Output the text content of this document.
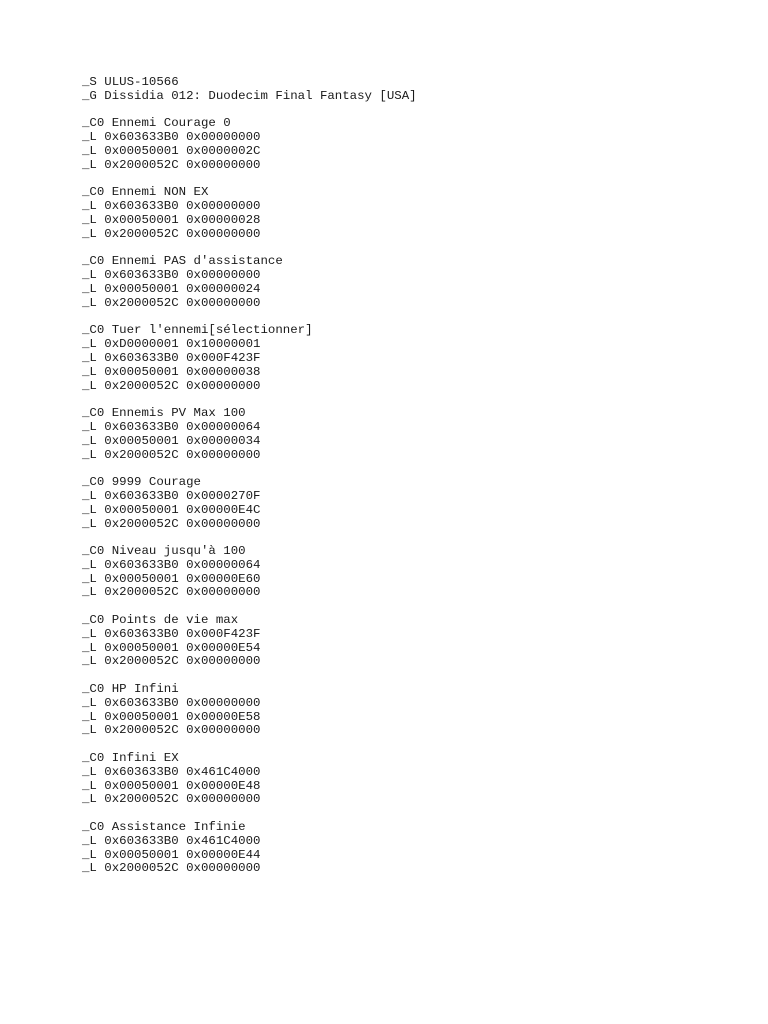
_S ULUS-10566
_G Dissidia 012: Duodecim Final Fantasy [USA]
_C0 Ennemi Courage 0
_L 0x603633B0 0x00000000
_L 0x00050001 0x0000002C
_L 0x2000052C 0x00000000
_C0 Ennemi NON EX
_L 0x603633B0 0x00000000
_L 0x00050001 0x00000028
_L 0x2000052C 0x00000000
_C0 Ennemi PAS d'assistance
_L 0x603633B0 0x00000000
_L 0x00050001 0x00000024
_L 0x2000052C 0x00000000
_C0 Tuer l'ennemi[sélectionner]
_L 0xD0000001 0x10000001
_L 0x603633B0 0x000F423F
_L 0x00050001 0x00000038
_L 0x2000052C 0x00000000
_C0 Ennemis PV Max 100
_L 0x603633B0 0x00000064
_L 0x00050001 0x00000034
_L 0x2000052C 0x00000000
_C0 9999 Courage
_L 0x603633B0 0x0000270F
_L 0x00050001 0x00000E4C
_L 0x2000052C 0x00000000
_C0 Niveau jusqu'à 100
_L 0x603633B0 0x00000064
_L 0x00050001 0x00000E60
_L 0x2000052C 0x00000000
_C0 Points de vie max
_L 0x603633B0 0x000F423F
_L 0x00050001 0x00000E54
_L 0x2000052C 0x00000000
_C0 HP Infini
_L 0x603633B0 0x00000000
_L 0x00050001 0x00000E58
_L 0x2000052C 0x00000000
_C0 Infini EX
_L 0x603633B0 0x461C4000
_L 0x00050001 0x00000E48
_L 0x2000052C 0x00000000
_C0 Assistance Infinie
_L 0x603633B0 0x461C4000
_L 0x00050001 0x00000E44
_L 0x2000052C 0x00000000
